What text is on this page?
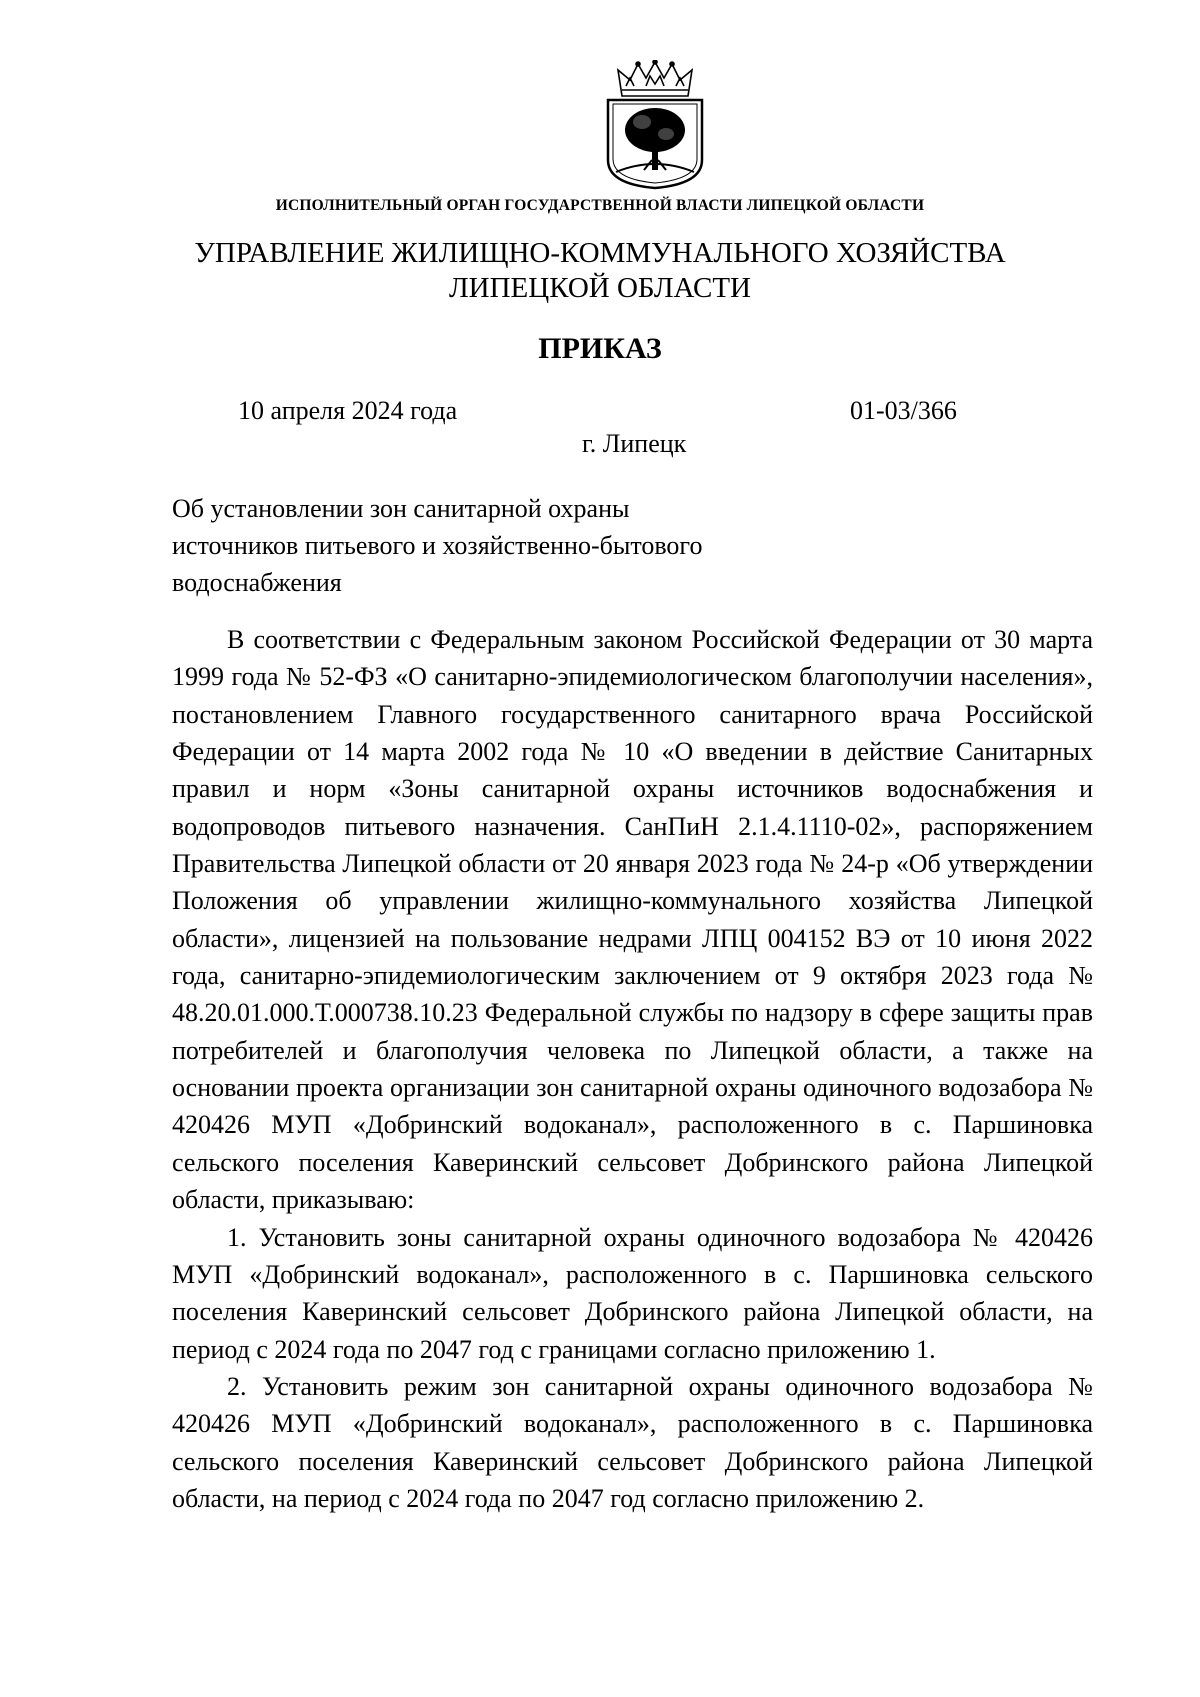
ИСПОЛНИТЕЛЬНЫЙ ОРГАН ГОСУДАРСТВЕННОЙ ВЛАСТИ ЛИПЕЦКОЙ ОБЛАСТИ
УПРАВЛЕНИЕ ЖИЛИЩНО-КОММУНАЛЬНОГО ХОЗЯЙСТВА
ЛИПЕЦКОЙ ОБЛАСТИ
ПРИКАЗ
10 апреля 2024 года	01-03/366
г. Липецк
Об установлении зон санитарной охраны
источников питьевого и хозяйственно-бытового
водоснабжения

В соответствии с Федеральным законом Российской Федерации от 30 марта 1999 года № 52-ФЗ «О санитарно-эпидемиологическом благополучии населения», постановлением Главного государственного санитарного врача Российской Федерации от 14 марта 2002 года № 10 «О введении в действие Санитарных правил и норм «Зоны санитарной охраны источников водоснабжения и водопроводов питьевого назначения. СанПиН 2.1.4.1110-02», распоряжением Правительства Липецкой области от 20 января 2023 года № 24-р «Об утверждении Положения об управлении жилищно-коммунального хозяйства Липецкой области», лицензией на пользование недрами ЛПЦ 004152 ВЭ от 10 июня 2022 года, санитарно-эпидемиологическим заключением от 9 октября 2023 года № 48.20.01.000.Т.000738.10.23 Федеральной службы по надзору в сфере защиты прав потребителей и благополучия человека по Липецкой области, а также на основании проекта организации зон санитарной охраны одиночного водозабора № 420426 МУП «Добринский водоканал», расположенного в с. Паршиновка сельского поселения Каверинский сельсовет Добринского района Липецкой области, приказываю:

1. Установить зоны санитарной охраны одиночного водозабора № 420426 МУП «Добринский водоканал», расположенного в с. Паршиновка сельского поселения Каверинский сельсовет Добринского района Липецкой области, на период с 2024 года по 2047 год с границами согласно приложению 1.

2. Установить режим зон санитарной охраны одиночного водозабора № 420426 МУП «Добринский водоканал», расположенного в с. Паршиновка сельского поселения Каверинский сельсовет Добринского района Липецкой области, на период с 2024 года по 2047 год согласно приложению 2.
